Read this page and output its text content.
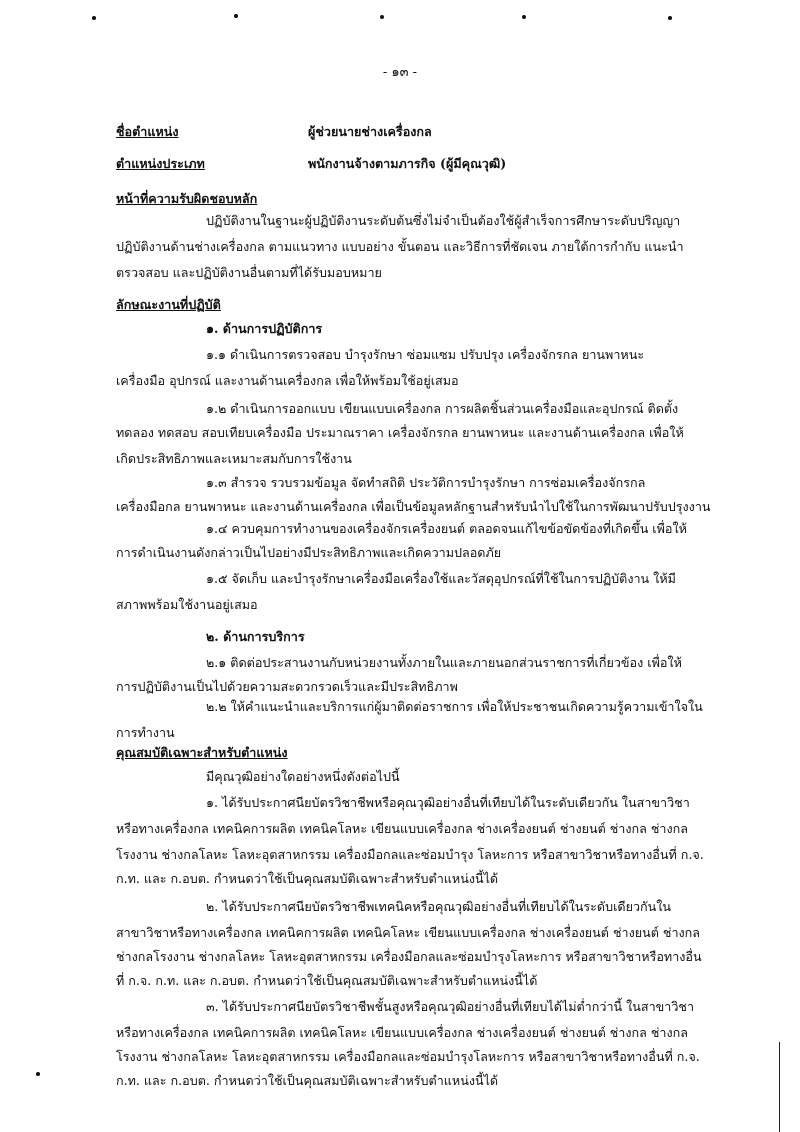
- ๑๓ -
ชื่อตำแหน่ง	ผู้ช่วยนายช่างเครื่องกล
ตำแหน่งประเภท	พนักงานจ้างตามภารกิจ (ผู้มีคุณวุฒิ)
หน้าที่ความรับผิดชอบหลัก
ปฏิบัติงานในฐานะผู้ปฏิบัติงานระดับต้นซึ่งไม่จำเป็นต้องใช้ผู้สำเร็จการศึกษาระดับปริญญา
ปฏิบัติงานด้านช่างเครื่องกล ตามแนวทาง แบบอย่าง ขั้นตอน และวิธีการที่ชัดเจน ภายใต้การกำกับ แนะนำ
ตรวจสอบ และปฏิบัติงานอื่นตามที่ได้รับมอบหมาย
ลักษณะงานที่ปฏิบัติ
๑. ด้านการปฏิบัติการ
๑.๑ ดำเนินการตรวจสอบ บำรุงรักษา ซ่อมแซม ปรับปรุง เครื่องจักรกล ยานพาหนะ
เครื่องมือ อุปกรณ์ และงานด้านเครื่องกล เพื่อให้พร้อมใช้อยู่เสมอ
๑.๒ ดำเนินการออกแบบ เขียนแบบเครื่องกล การผลิตชิ้นส่วนเครื่องมือและอุปกรณ์ ติดตั้ง
ทดลอง ทดสอบ สอบเทียบเครื่องมือ ประมาณราคา เครื่องจักรกล ยานพาหนะ และงานด้านเครื่องกล เพื่อให้
เกิดประสิทธิภาพและเหมาะสมกับการใช้งาน
๑.๓ สำรวจ รวบรวมข้อมูล จัดทำสถิติ ประวัติการบำรุงรักษา การซ่อมเครื่องจักรกล
เครื่องมือกล ยานพาหนะ และงานด้านเครื่องกล เพื่อเป็นข้อมูลหลักฐานสำหรับนำไปใช้ในการพัฒนาปรับปรุงงาน
๑.๔ ควบคุมการทำงานของเครื่องจักรเครื่องยนต์ ตลอดจนแก้ไขข้อขัดข้องที่เกิดขึ้น เพื่อให้
การดำเนินงานดังกล่าวเป็นไปอย่างมีประสิทธิภาพและเกิดความปลอดภัย
๑.๕ จัดเก็บ และบำรุงรักษาเครื่องมือเครื่องใช้และวัสดุอุปกรณ์ที่ใช้ในการปฏิบัติงาน ให้มี
สภาพพร้อมใช้งานอยู่เสมอ
๒. ด้านการบริการ
๒.๑ ติดต่อประสานงานกับหน่วยงานทั้งภายในและภายนอกส่วนราชการที่เกี่ยวข้อง เพื่อให้
การปฏิบัติงานเป็นไปด้วยความสะดวกรวดเร็วและมีประสิทธิภาพ
๒.๒ ให้คำแนะนำและบริการแก่ผู้มาติดต่อราชการ เพื่อให้ประชาชนเกิดความรู้ความเข้าใจใน
การทำงาน
คุณสมบัติเฉพาะสำหรับตำแหน่ง
มีคุณวุฒิอย่างใดอย่างหนึ่งดังต่อไปนี้
๑. ได้รับประกาศนียบัตรวิชาชีพหรือคุณวุฒิอย่างอื่นที่เทียบได้ในระดับเดียวกัน ในสาขาวิชา
หรือทางเครื่องกล เทคนิคการผลิต เทคนิคโลหะ เขียนแบบเครื่องกล ช่างเครื่องยนต์ ช่างยนต์ ช่างกล ช่างกล
โรงงาน ช่างกลโลหะ โลหะอุตสาหกรรม เครื่องมือกลและซ่อมบำรุง โลหะการ หรือสาขาวิชาหรือทางอื่นที่ ก.จ.
ก.ท. และ ก.อบต. กำหนดว่าใช้เป็นคุณสมบัติเฉพาะสำหรับตำแหน่งนี้ได้
๒. ได้รับประกาศนียบัตรวิชาชีพเทคนิคหรือคุณวุฒิอย่างอื่นที่เทียบได้ในระดับเดียวกันใน
สาขาวิชาหรือทางเครื่องกล เทคนิคการผลิต เทคนิคโลหะ เขียนแบบเครื่องกล ช่างเครื่องยนต์ ช่างยนต์ ช่างกล
ช่างกลโรงงาน ช่างกลโลหะ โลหะอุตสาหกรรม เครื่องมือกลและซ่อมบำรุงโลหะการ หรือสาขาวิชาหรือทางอื่น
ที่ ก.จ. ก.ท. และ ก.อบต. กำหนดว่าใช้เป็นคุณสมบัติเฉพาะสำหรับตำแหน่งนี้ได้
๓. ได้รับประกาศนียบัตรวิชาชีพชั้นสูงหรือคุณวุฒิอย่างอื่นที่เทียบได้ไม่ต่ำกว่านี้ ในสาขาวิชา
หรือทางเครื่องกล เทคนิคการผลิต เทคนิคโลหะ เขียนแบบเครื่องกล ช่างเครื่องยนต์ ช่างยนต์ ช่างกล ช่างกล
โรงงาน ช่างกลโลหะ โลหะอุตสาหกรรม เครื่องมือกลและซ่อมบำรุงโลหะการ หรือสาขาวิชาหรือทางอื่นที่ ก.จ.
ก.ท. และ ก.อบต. กำหนดว่าใช้เป็นคุณสมบัติเฉพาะสำหรับตำแหน่งนี้ได้
